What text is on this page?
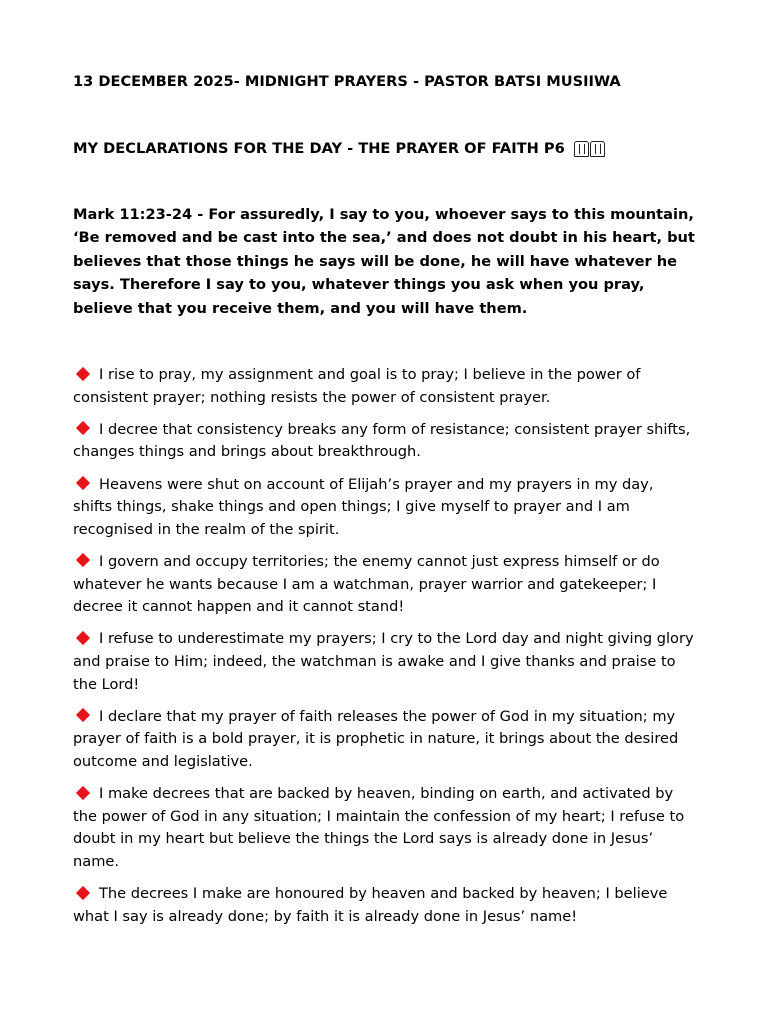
13 DECEMBER 2025- MIDNIGHT PRAYERS - PASTOR BATSI MUSIIWA

MY DECLARATIONS FOR THE DAY - THE PRAYER OF FAITH P6

Mark 11:23-24 - For assuredly, I say to you, whoever says to this mountain, ‘Be removed and be cast into the sea,’ and does not doubt in his heart, but believes that those things he says will be done, he will have whatever he says. Therefore I say to you, whatever things you ask when you pray, believe that you receive them, and you will have them.

I rise to pray, my assignment and goal is to pray; I believe in the power of consistent prayer; nothing resists the power of consistent prayer.

I decree that consistency breaks any form of resistance; consistent prayer shifts, changes things and brings about breakthrough.

Heavens were shut on account of Elijah’s prayer and my prayers in my day, shifts things, shake things and open things; I give myself to prayer and I am recognised in the realm of the spirit.

I govern and occupy territories; the enemy cannot just express himself or do whatever he wants because I am a watchman, prayer warrior and gatekeeper; I decree it cannot happen and it cannot stand!

I refuse to underestimate my prayers; I cry to the Lord day and night giving glory and praise to Him; indeed, the watchman is awake and I give thanks and praise to the Lord!

I declare that my prayer of faith releases the power of God in my situation; my prayer of faith is a bold prayer, it is prophetic in nature, it brings about the desired outcome and legislative.

I make decrees that are backed by heaven, binding on earth, and activated by the power of God in any situation; I maintain the confession of my heart; I refuse to doubt in my heart but believe the things the Lord says is already done in Jesus’ name.

The decrees I make are honoured by heaven and backed by heaven; I believe what I say is already done; by faith it is already done in Jesus’ name!
